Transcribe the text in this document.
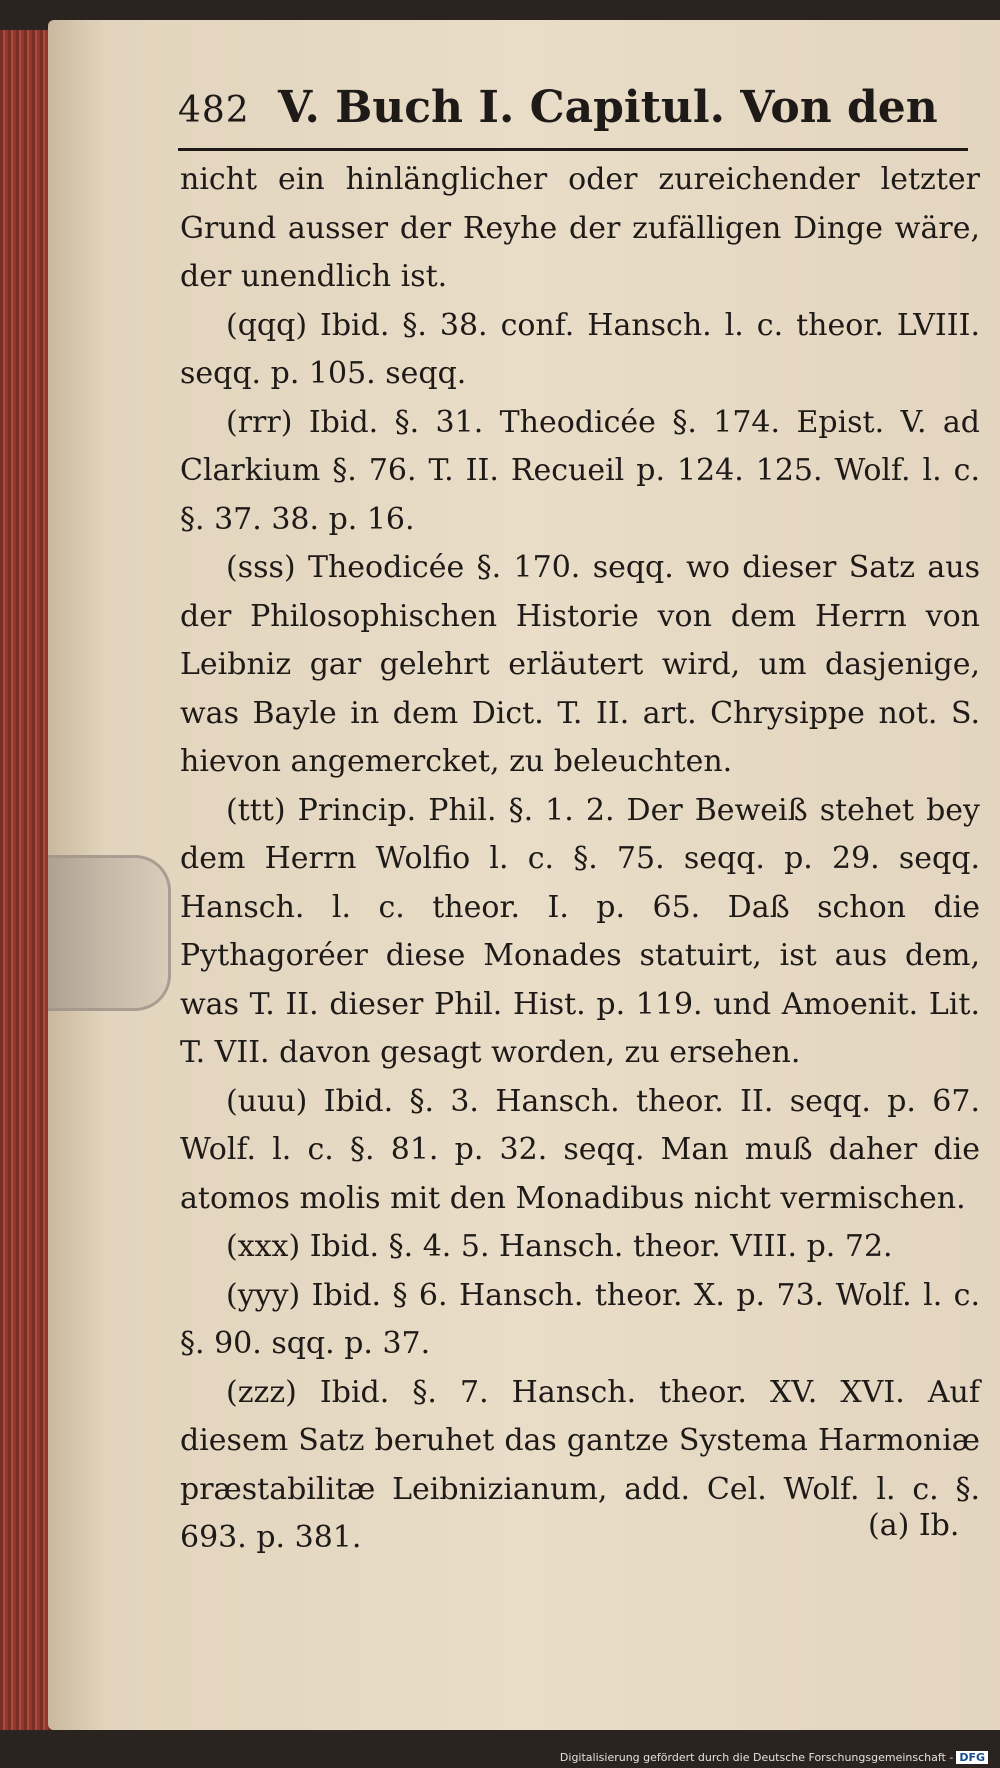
482 V. Buch I. Capitul. Von den

nicht ein hinlänglicher oder zureichender letzter Grund ausser der Reyhe der zufälligen Dinge wäre, der unendlich ist.

(qqq) Ibid. §. 38. conf. Hansch. l. c. theor. LVIII. seqq. p. 105. seqq.

(rrr) Ibid. §. 31. Theodicée §. 174. Epist. V. ad Clarkium §. 76. T. II. Recueil p. 124. 125. Wolf. l. c. §. 37. 38. p. 16.

(sss) Theodicée §. 170. seqq. wo dieser Satz aus der Philosophischen Historie von dem Herrn von Leibniz gar gelehrt erläutert wird, um dasjenige, was Bayle in dem Dict. T. II. art. Chrysippe not. S. hievon angemercket, zu beleuchten.

(ttt) Princip. Phil. §. 1. 2. Der Beweiß stehet bey dem Herrn Wolfio l. c. §. 75. seqq. p. 29. seqq. Hansch. l. c. theor. I. p. 65. Daß schon die Pythagoréer diese Monades statuirt, ist aus dem, was T. II. dieser Phil. Hist. p. 119. und Amoenit. Lit. T. VII. davon gesagt worden, zu ersehen.

(uuu) Ibid. §. 3. Hansch. theor. II. seqq. p. 67. Wolf. l. c. §. 81. p. 32. seqq. Man muß daher die atomos molis mit den Monadibus nicht vermischen.

(xxx) Ibid. §. 4. 5. Hansch. theor. VIII. p. 72.

(yyy) Ibid. § 6. Hansch. theor. X. p. 73. Wolf. l. c. §. 90. sqq. p. 37.

(zzz) Ibid. §. 7. Hansch. theor. XV. XVI. Auf diesem Satz beruhet das gantze Systema Harmoniæ præstabilitæ Leibnizianum, add. Cel. Wolf. l. c. §. 693. p. 381.	(a) Ib.
Digitalisierung gefördert durch die Deutsche Forschungsgemeinschaft - DFG
